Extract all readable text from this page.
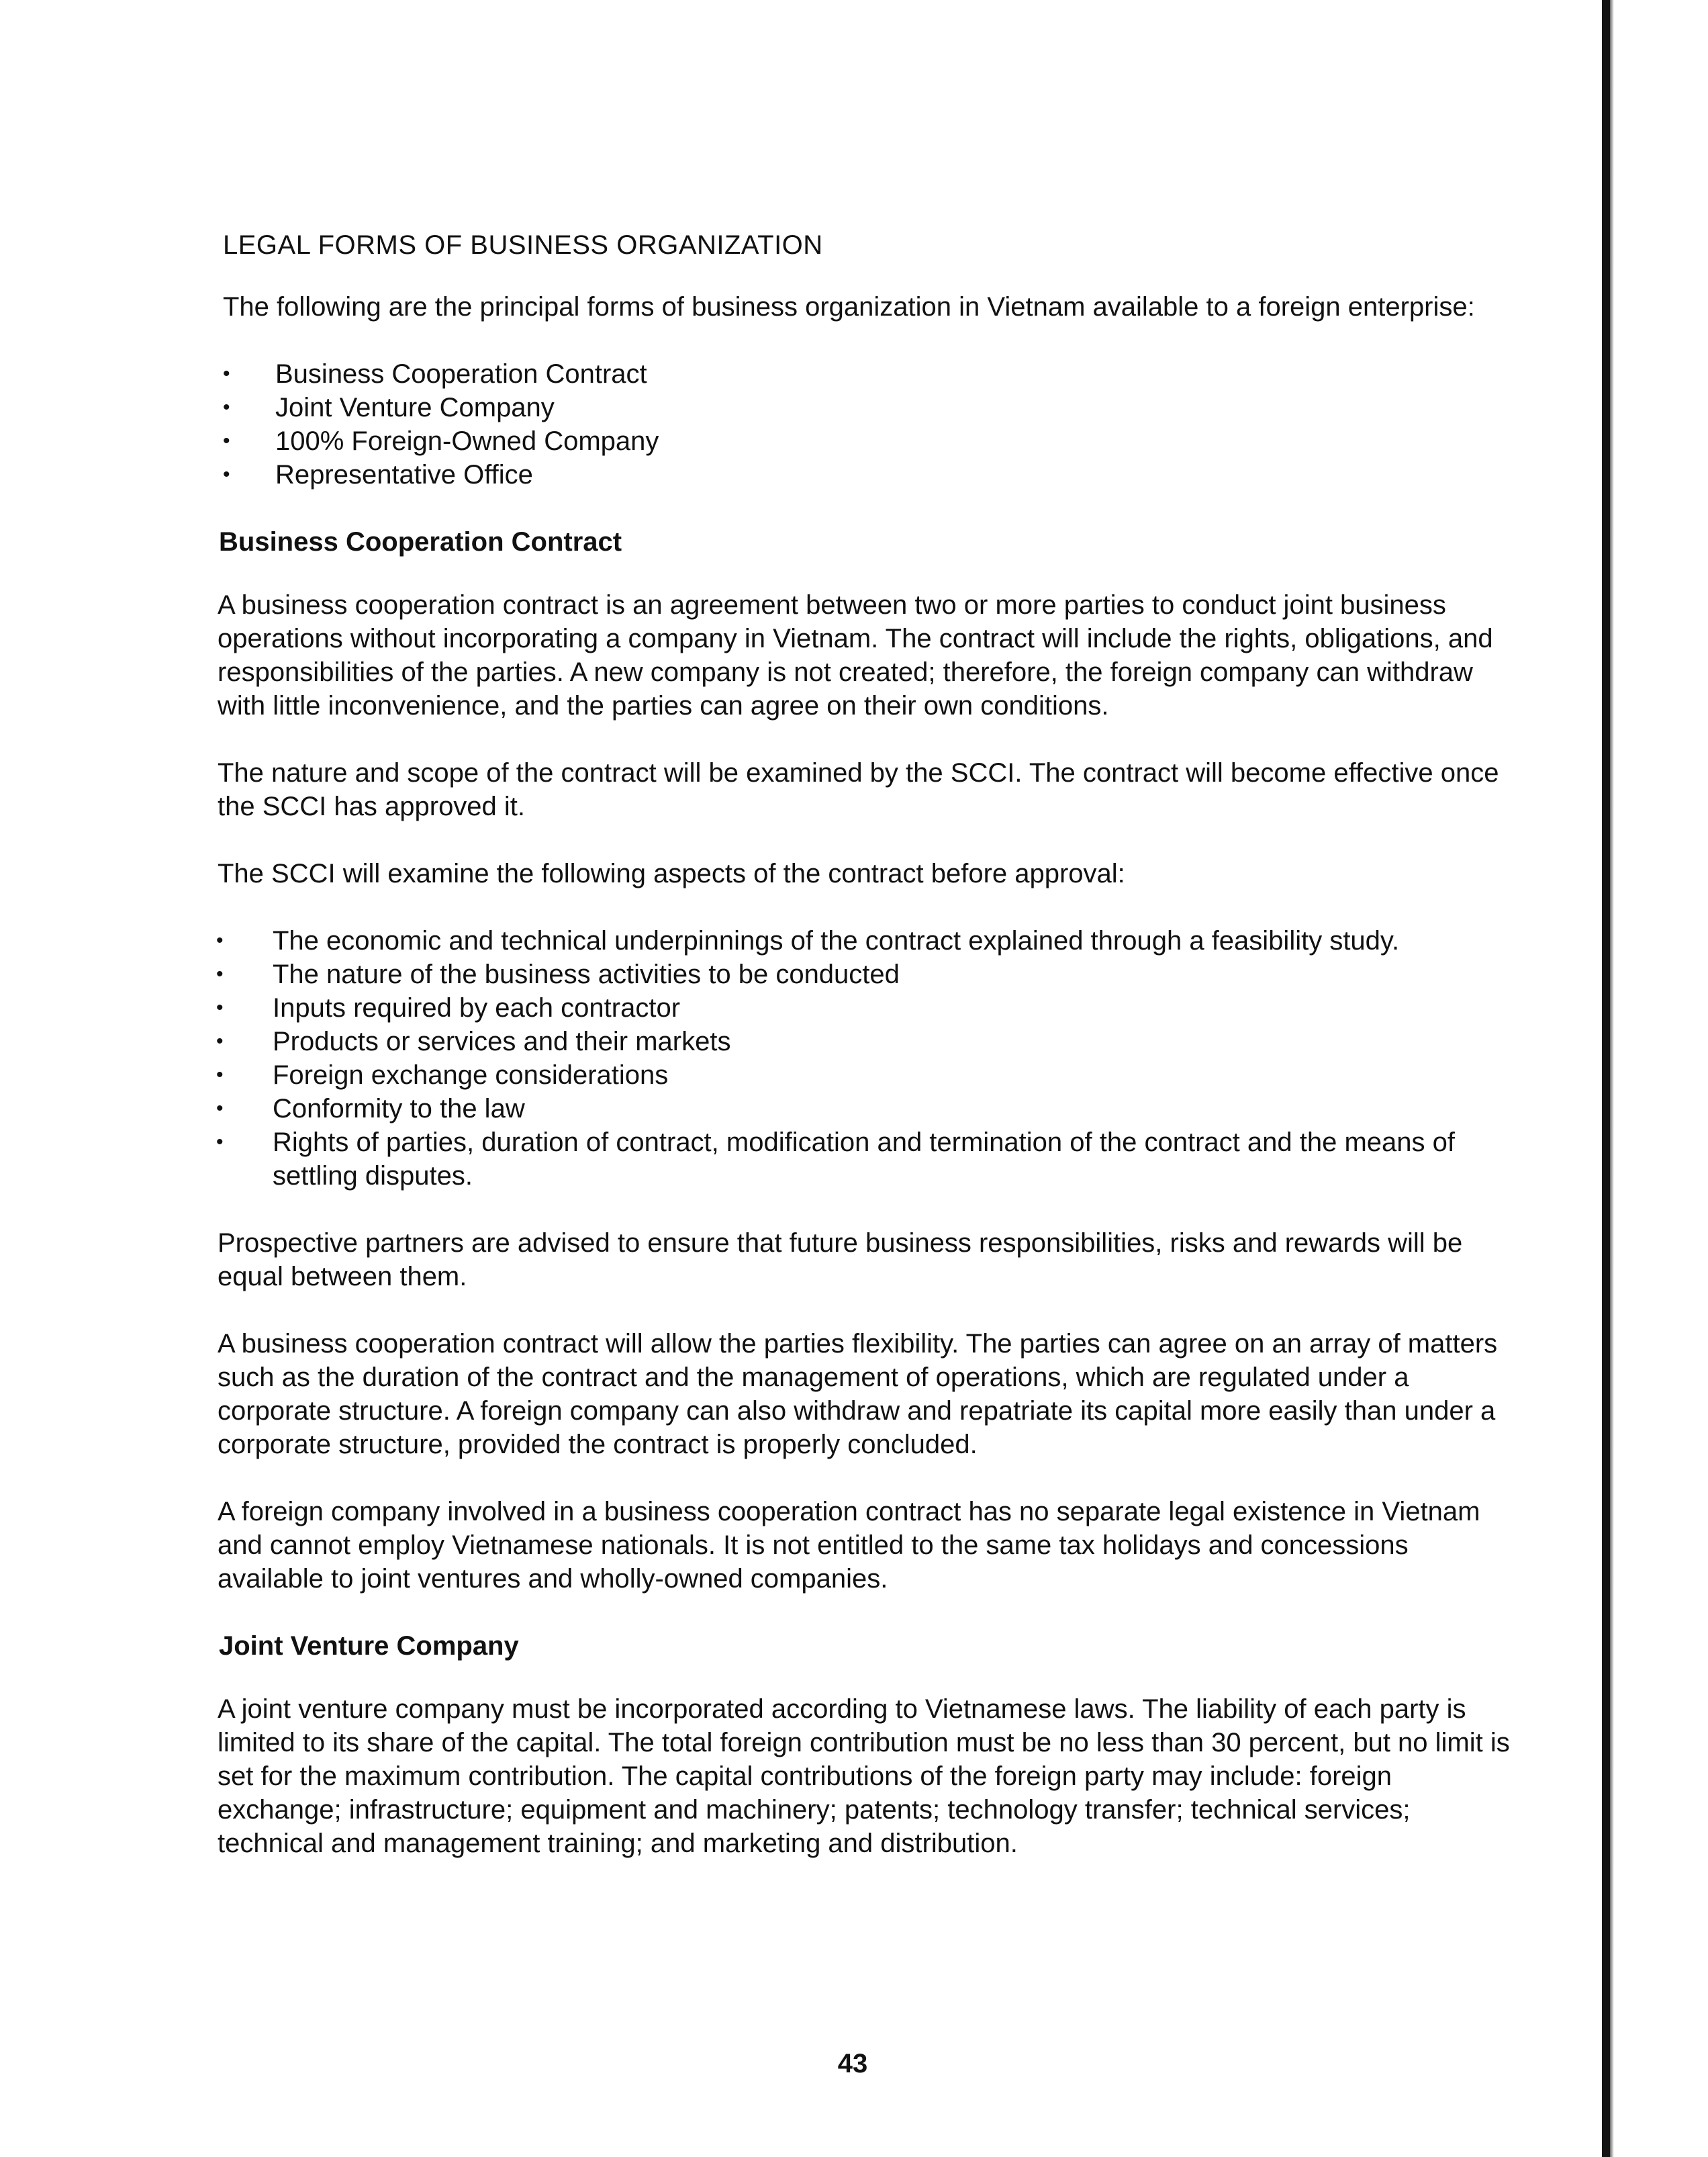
LEGAL FORMS OF BUSINESS ORGANIZATION

The following are the principal forms of business organization in Vietnam available to a foreign enterprise:

• Business Cooperation Contract
• Joint Venture Company
• 100% Foreign-Owned Company
• Representative Office
Business Cooperation Contract

A business cooperation contract is an agreement between two or more parties to conduct joint business operations without incorporating a company in Vietnam. The contract will include the rights, obligations, and responsibilities of the parties. A new company is not created; therefore, the foreign company can withdraw with little inconvenience, and the parties can agree on their own conditions.

The nature and scope of the contract will be examined by the SCCI. The contract will become effective once the SCCI has approved it.

The SCCI will examine the following aspects of the contract before approval:

• The economic and technical underpinnings of the contract explained through a feasibility study.
• The nature of the business activities to be conducted
• Inputs required by each contractor
• Products or services and their markets
• Foreign exchange considerations
• Conformity to the law
• Rights of parties, duration of contract, modification and termination of the contract and the means of settling disputes.

Prospective partners are advised to ensure that future business responsibilities, risks and rewards will be equal between them.

A business cooperation contract will allow the parties flexibility. The parties can agree on an array of matters such as the duration of the contract and the management of operations, which are regulated under a corporate structure. A foreign company can also withdraw and repatriate its capital more easily than under a corporate structure, provided the contract is properly concluded.

A foreign company involved in a business cooperation contract has no separate legal existence in Vietnam and cannot employ Vietnamese nationals. It is not entitled to the same tax holidays and concessions available to joint ventures and wholly-owned companies.

Joint Venture Company

A joint venture company must be incorporated according to Vietnamese laws. The liability of each party is limited to its share of the capital. The total foreign contribution must be no less than 30 percent, but no limit is set for the maximum contribution. The capital contributions of the foreign party may include: foreign exchange; infrastructure; equipment and machinery; patents; technology transfer; technical services; technical and management training; and marketing and distribution.

43
